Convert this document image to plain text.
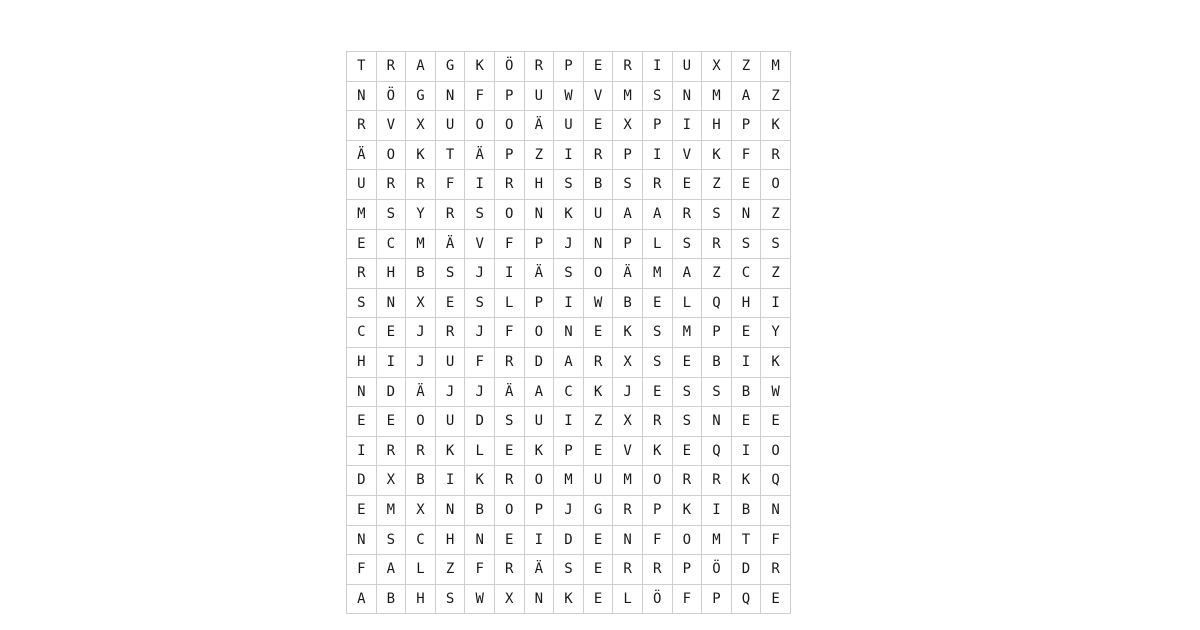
T	R	A	G	K	Ö	R	P	E	R	I	U	X	Z	M
N	Ö	G	N	F	P	U	W	V	M	S	N	M	A	Z
R	V	X	U	O	O	Ä	U	E	X	P	I	H	P	K
Ä	O	K	T	Ä	P	Z	I	R	P	I	V	K	F	R
U	R	R	F	I	R	H	S	B	S	R	E	Z	E	O
M	S	Y	R	S	O	N	K	U	A	A	R	S	N	Z
E	C	M	Ä	V	F	P	J	N	P	L	S	R	S	S
R	H	B	S	J	I	Ä	S	O	Ä	M	A	Z	C	Z
S	N	X	E	S	L	P	I	W	B	E	L	Q	H	I
C	E	J	R	J	F	O	N	E	K	S	M	P	E	Y
H	I	J	U	F	R	D	A	R	X	S	E	B	I	K
N	D	Ä	J	J	Ä	A	C	K	J	E	S	S	B	W
E	E	O	U	D	S	U	I	Z	X	R	S	N	E	E
I	R	R	K	L	E	K	P	E	V	K	E	Q	I	O
D	X	B	I	K	R	O	M	U	M	O	R	R	K	Q
E	M	X	N	B	O	P	J	G	R	P	K	I	B	N
N	S	C	H	N	E	I	D	E	N	F	O	M	T	F
F	A	L	Z	F	R	Ä	S	E	R	R	P	Ö	D	R
A	B	H	S	W	X	N	K	E	L	Ö	F	P	Q	E
